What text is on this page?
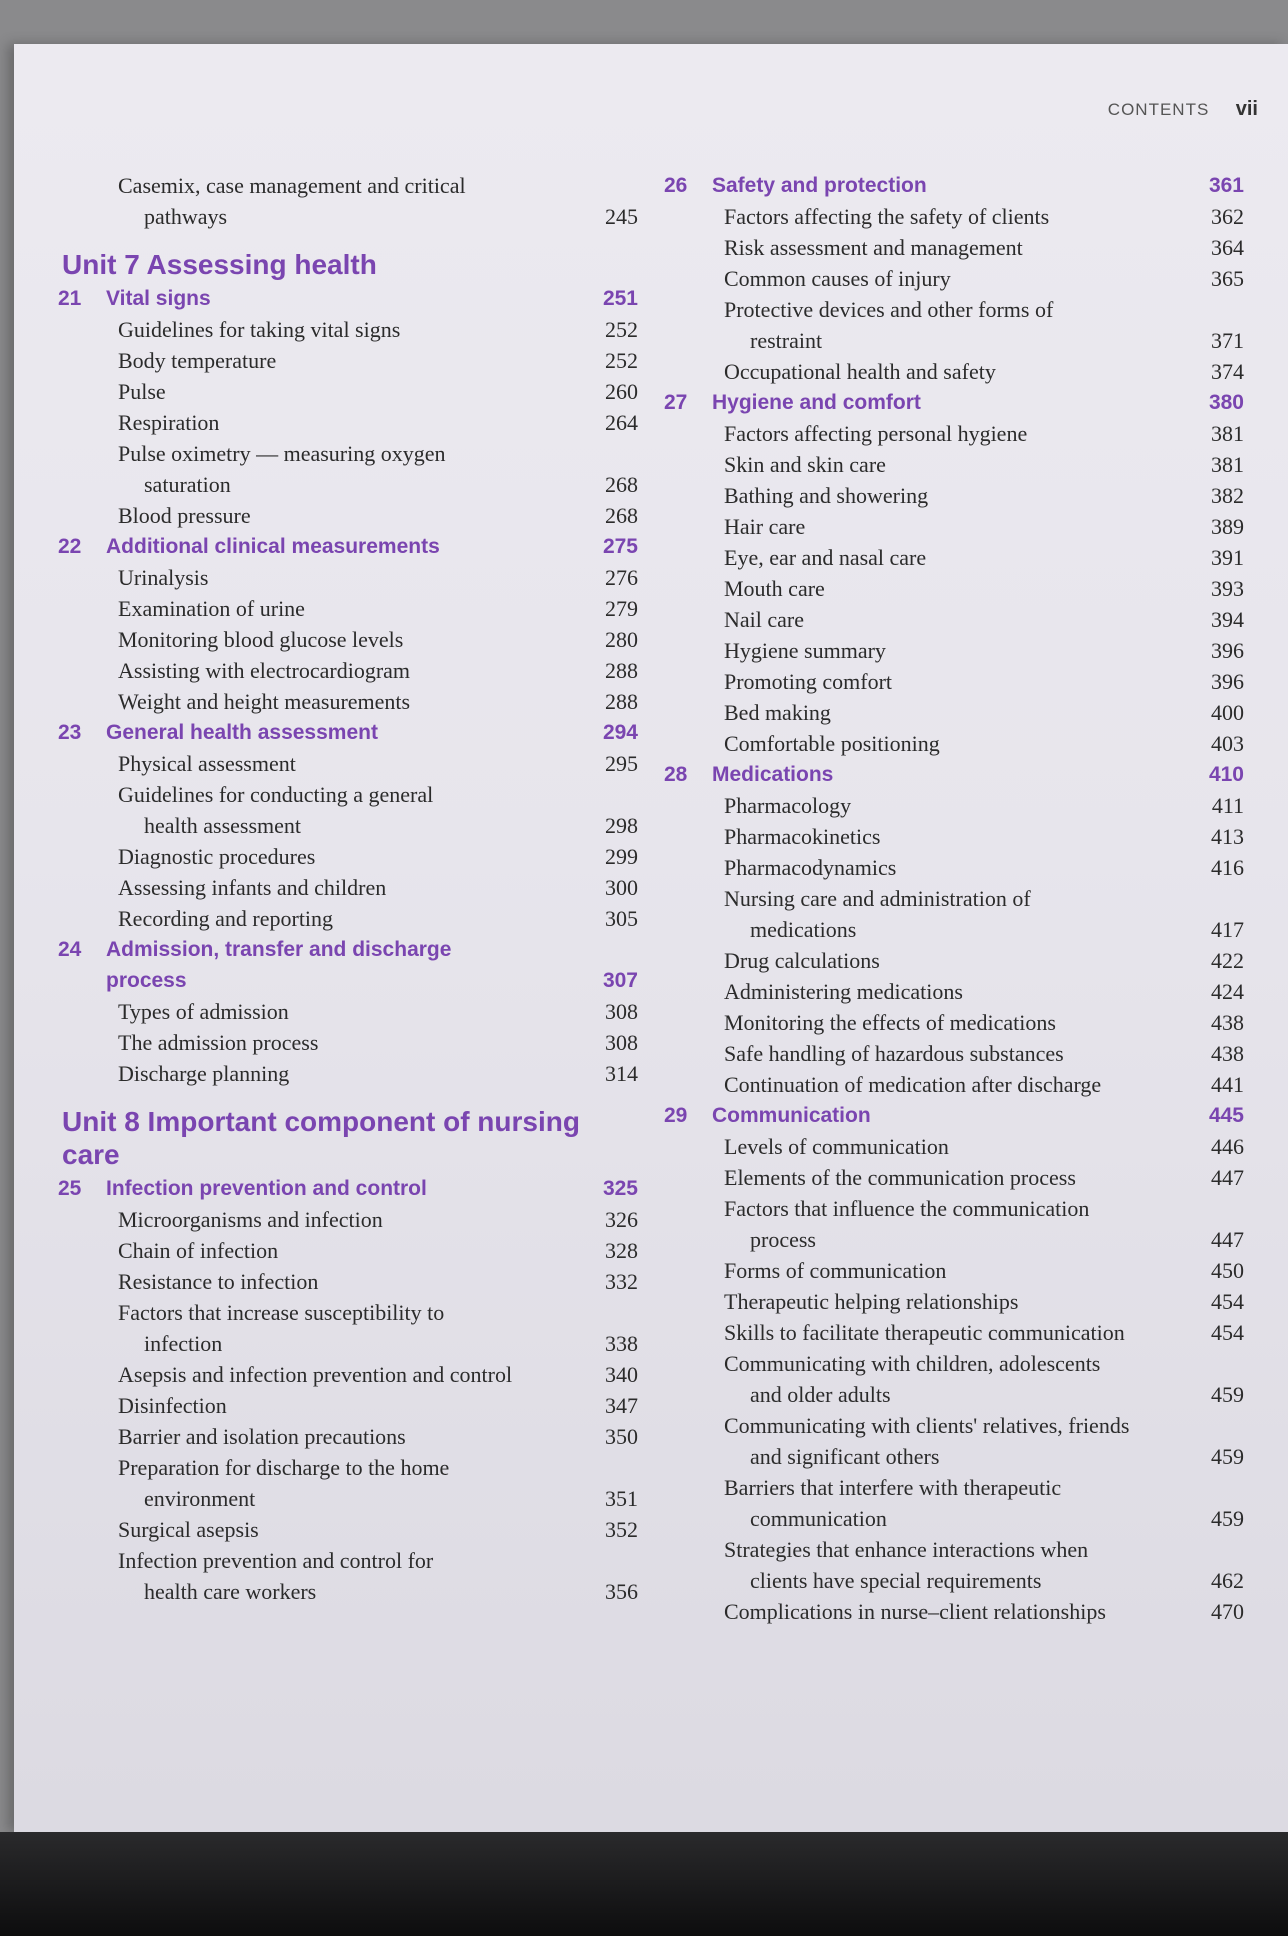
CONTENTS vii
Casemix, case management and critical
pathways	245
Unit 7 Assessing health
21 Vital signs	251
Guidelines for taking vital signs	252
Body temperature	252
Pulse	260
Respiration	264
Pulse oximetry — measuring oxygen
saturation	268
Blood pressure	268
22 Additional clinical measurements	275
Urinalysis	276
Examination of urine	279
Monitoring blood glucose levels	280
Assisting with electrocardiogram	288
Weight and height measurements	288
23 General health assessment	294
Physical assessment	295
Guidelines for conducting a general
health assessment	298
Diagnostic procedures	299
Assessing infants and children	300
Recording and reporting	305
24 Admission, transfer and discharge
process	307
Types of admission	308
The admission process	308
Discharge planning	314
Unit 8 Important component of nursing care
25 Infection prevention and control	325
Microorganisms and infection	326
Chain of infection	328
Resistance to infection	332
Factors that increase susceptibility to
infection	338
Asepsis and infection prevention and control	340
Disinfection	347
Barrier and isolation precautions	350
Preparation for discharge to the home
environment	351
Surgical asepsis	352
Infection prevention and control for
health care workers	356
26 Safety and protection	361
Factors affecting the safety of clients	362
Risk assessment and management	364
Common causes of injury	365
Protective devices and other forms of
restraint	371
Occupational health and safety	374
27 Hygiene and comfort	380
Factors affecting personal hygiene	381
Skin and skin care	381
Bathing and showering	382
Hair care	389
Eye, ear and nasal care	391
Mouth care	393
Nail care	394
Hygiene summary	396
Promoting comfort	396
Bed making	400
Comfortable positioning	403
28 Medications	410
Pharmacology	411
Pharmacokinetics	413
Pharmacodynamics	416
Nursing care and administration of
medications	417
Drug calculations	422
Administering medications	424
Monitoring the effects of medications	438
Safe handling of hazardous substances	438
Continuation of medication after discharge	441
29 Communication	445
Levels of communication	446
Elements of the communication process	447
Factors that influence the communication
process	447
Forms of communication	450
Therapeutic helping relationships	454
Skills to facilitate therapeutic communication	454
Communicating with children, adolescents
and older adults	459
Communicating with clients' relatives, friends
and significant others	459
Barriers that interfere with therapeutic
communication	459
Strategies that enhance interactions when
clients have special requirements	462
Complications in nurse–client relationships	470
